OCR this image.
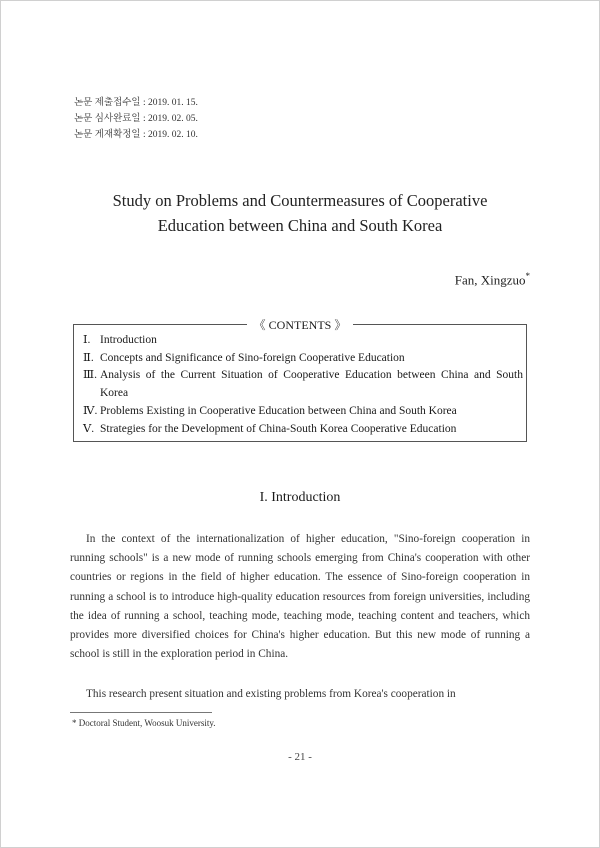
논문 제출접수일 : 2019. 01. 15.
논문 심사완료일 : 2019. 02. 05.
논문 게재확정일 : 2019. 02. 10.
Study on Problems and Countermeasures of Cooperative
Education between China and South Korea
Fan, Xingzuo*
《 CONTENTS 》
Ⅰ. Introduction
Ⅱ. Concepts and Significance of Sino-foreign Cooperative Education
Ⅲ. Analysis of the Current Situation of Cooperative Education between China and South Korea
Ⅳ. Problems Existing in Cooperative Education between China and South Korea
Ⅴ. Strategies for the Development of China-South Korea Cooperative Education
I. Introduction

In the context of the internationalization of higher education, "Sino-foreign cooperation in running schools" is a new mode of running schools emerging from China's cooperation with other countries or regions in the field of higher education. The essence of Sino-foreign cooperation in running a school is to introduce high-quality education resources from foreign universities, including the idea of running a school, teaching mode, teaching mode, teaching content and teachers, which provides more diversified choices for China's higher education. But this new mode of running a school is still in the exploration period in China.

This research present situation and existing problems from Korea's cooperation in

* Doctoral Student, Woosuk University.
- 21 -
